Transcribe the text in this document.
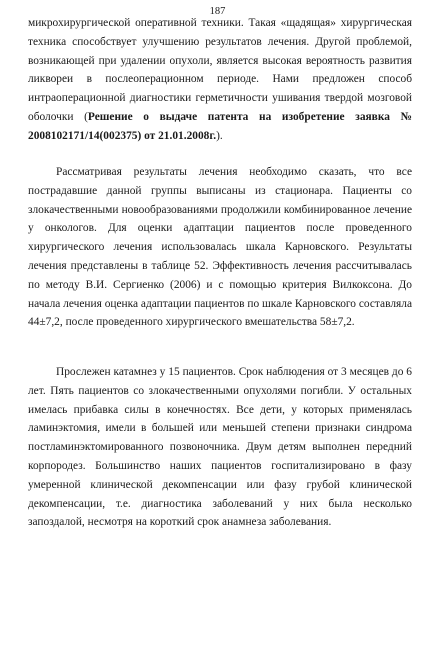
187

микрохирургической оперативной техники. Такая «щадящая» хирургическая техника способствует улучшению результатов лечения. Другой проблемой, возникающей при удалении опухоли, является высокая вероятность развития ликвореи в послеоперационном периоде. Нами предложен способ интраоперационной диагностики герметичности ушивания твердой мозговой оболочки (Решение о выдаче патента на изобретение заявка № 2008102171/14(002375) от 21.01.2008г.).

Рассматривая результаты лечения необходимо сказать, что все пострадавшие данной группы выписаны из стационара. Пациенты со злокачественными новообразованиями продолжили комбинированное лечение у онкологов. Для оценки адаптации пациентов после проведенного хирургического лечения использовалась шкала Карновского. Результаты лечения представлены в таблице 52. Эффективность лечения рассчитывалась по методу В.И. Сергиенко (2006) и с помощью критерия Вилкоксона. До начала лечения оценка адаптации пациентов по шкале Карновского составляла 44±7,2, после проведенного хирургического вмешательства 58±7,2.

Прослежен катамнез у 15 пациентов. Срок наблюдения от 3 месяцев до 6 лет. Пять пациентов со злокачественными опухолями погибли. У остальных имелась прибавка силы в конечностях. Все дети, у которых применялась ламинэктомия, имели в большей или меньшей степени признаки синдрома постламинэктомированного позвоночника. Двум детям выполнен передний корпородез. Большинство наших пациентов госпитализировано в фазу умеренной клинической декомпенсации или фазу грубой клинической декомпенсации, т.е. диагностика заболеваний у них была несколько запоздалой, несмотря на короткий срок анамнеза заболевания.
